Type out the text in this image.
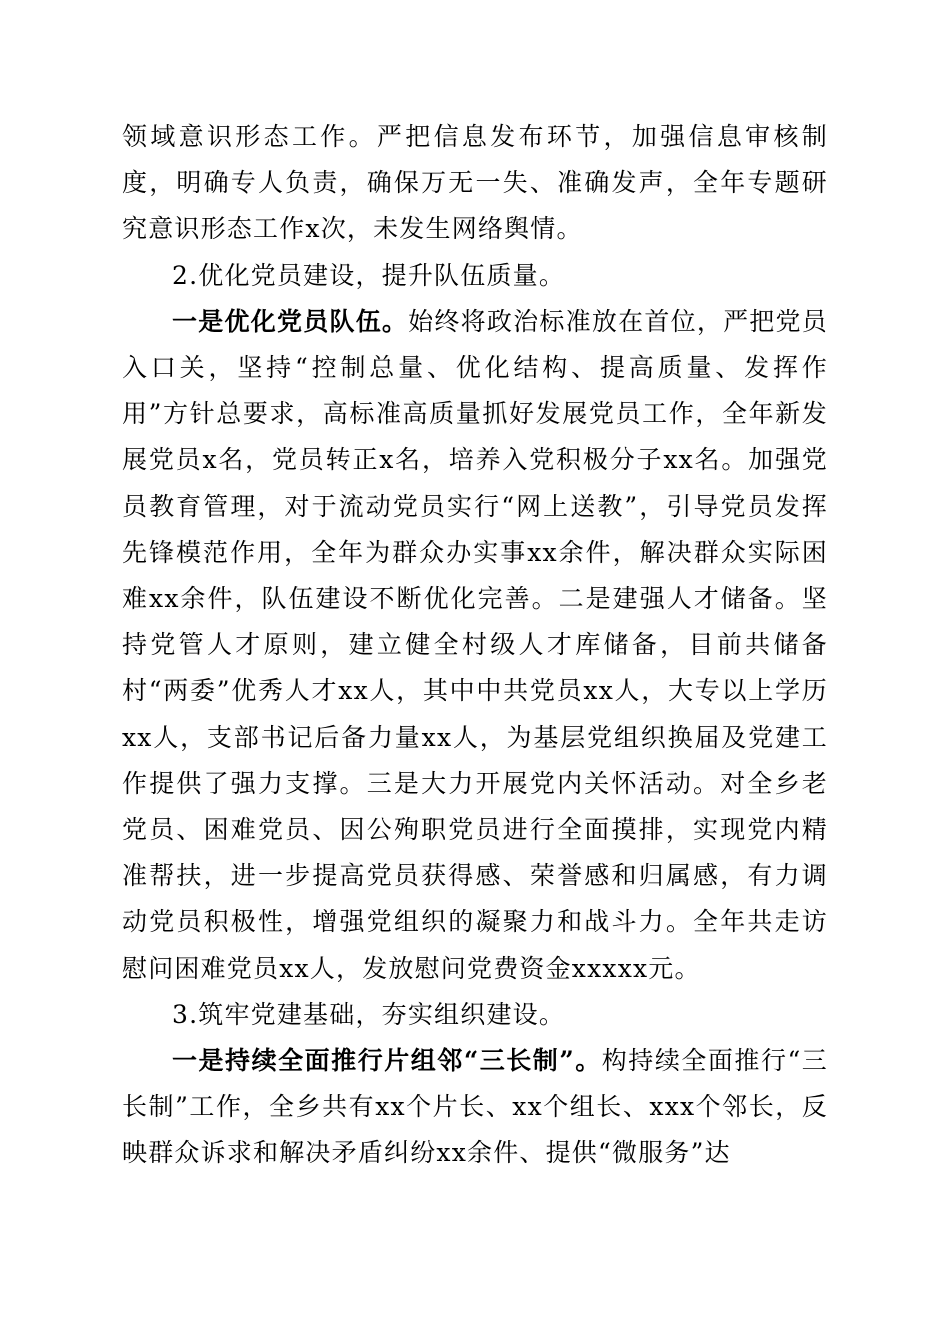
领域意识形态工作。严把信息发布环节，加强信息审核制度，明确专人负责，确保万无一失、准确发声，全年专题研究意识形态工作x次，未发生网络舆情。

2.优化党员建设，提升队伍质量。

一是优化党员队伍。始终将政治标准放在首位，严把党员入口关，坚持“控制总量、优化结构、提高质量、发挥作用”方针总要求，高标准高质量抓好发展党员工作，全年新发展党员x名，党员转正x名，培养入党积极分子xx名。加强党员教育管理，对于流动党员实行“网上送教”，引导党员发挥先锋模范作用，全年为群众办实事xx余件，解决群众实际困难xx余件，队伍建设不断优化完善。二是建强人才储备。坚持党管人才原则，建立健全村级人才库储备，目前共储备村“两委”优秀人才xx人，其中中共党员xx人，大专以上学历xx人，支部书记后备力量xx人，为基层党组织换届及党建工作提供了强力支撑。三是大力开展党内关怀活动。对全乡老党员、困难党员、因公殉职党员进行全面摸排，实现党内精准帮扶，进一步提高党员获得感、荣誉感和归属感，有力调动党员积极性，增强党组织的凝聚力和战斗力。全年共走访慰问困难党员xx人，发放慰问党费资金xxxxx元。

3.筑牢党建基础，夯实组织建设。

一是持续全面推行片组邻“三长制”。构持续全面推行“三长制”工作，全乡共有xx个片长、xx个组长、xxx个邻长，反映群众诉求和解决矛盾纠纷xx余件、提供“微服务”达
